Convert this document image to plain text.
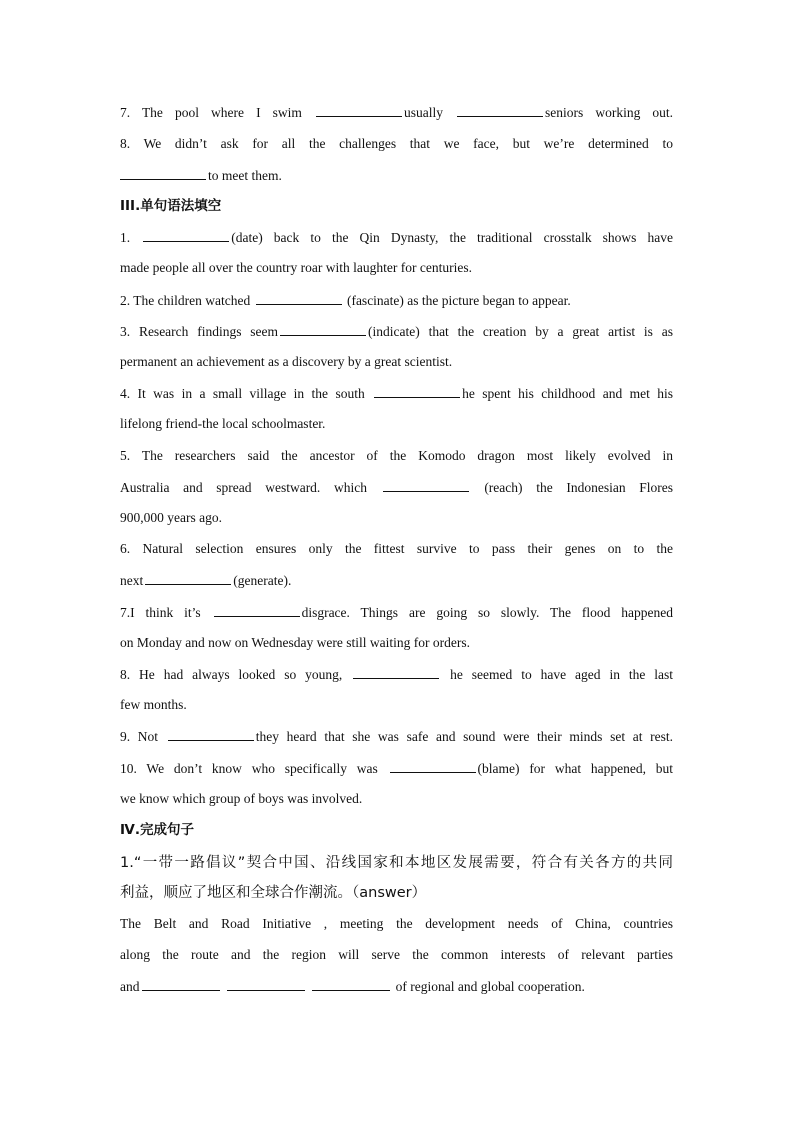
7. The pool where I swim	usually	seniors working out.
8. We didn’t ask for all the challenges that we face, but we’re determined to
to meet them.
III.单句语法填空
1.	(date) back to the Qin Dynasty, the traditional crosstalk shows have
made people all over the country roar with laughter for centuries.
2. The children watched	(fascinate) as the picture began to appear.
3. Research findings seem	(indicate) that the creation by a great artist is as
permanent an achievement as a discovery by a great scientist.
4. It was in a small village in the south	he spent his childhood and met his
lifelong friend-the local schoolmaster.
5. The researchers said the ancestor of the Komodo dragon most likely evolved in
Australia and spread westward. which	(reach) the Indonesian Flores
900,000 years ago.
6. Natural selection ensures only the fittest survive to pass their genes on to the
next	(generate).
7.I think it’s	disgrace. Things are going so slowly. The flood happened
on Monday and now on Wednesday were still waiting for orders.
8. He had always looked so young,	he seemed to have aged in the last
few months.
9. Not	they heard that she was safe and sound were their minds set at rest.
10. We don’t know who specifically was	(blame) for what happened, but
we know which group of boys was involved.
Ⅳ.完成句子
1.“一带一路倡议”契合中国、沿线国家和本地区发展需要，符合有关各方的共同
利益，顺应了地区和全球合作潮流。（answer）
The Belt and Road Initiative , meeting the development needs of China, countries
along the route and the region will serve the common interests of relevant parties
and	of regional and global cooperation.
